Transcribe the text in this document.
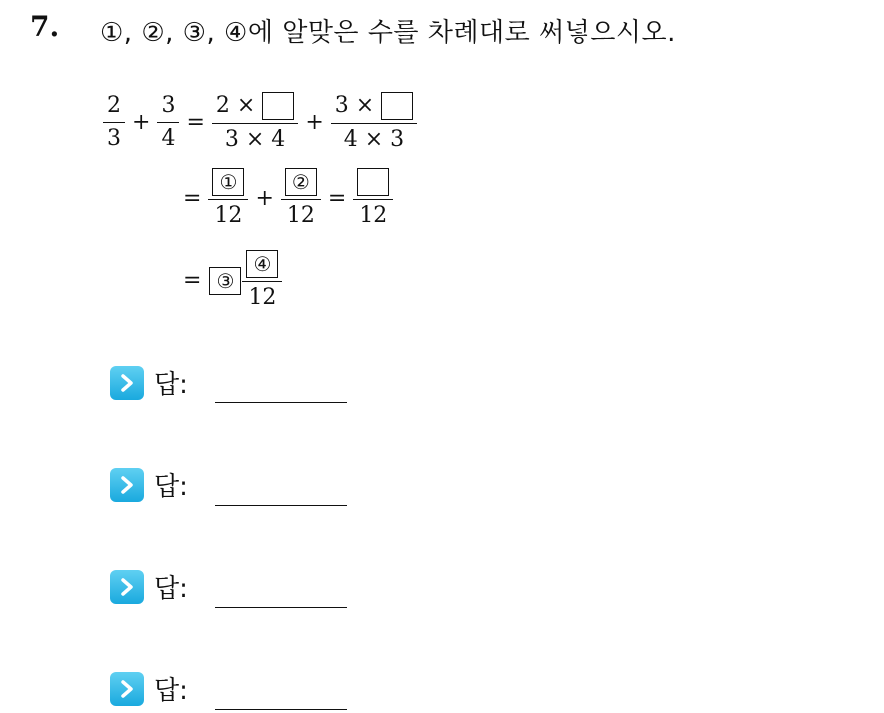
7. ①, ②, ③, ④에 알맞은 수를 차례대로 써넣으시오.
$\frac{2}{3} + \frac{3}{4} = \frac{2 \times}{3 \times 4} + \frac{3 \times}{4 \times 3}$
= $\frac{\text{①}}{12} + \frac{\text{②}}{12}$ =
12
= ③ $\frac{\text{④}}{12}$
답:
답:
답:
답:
